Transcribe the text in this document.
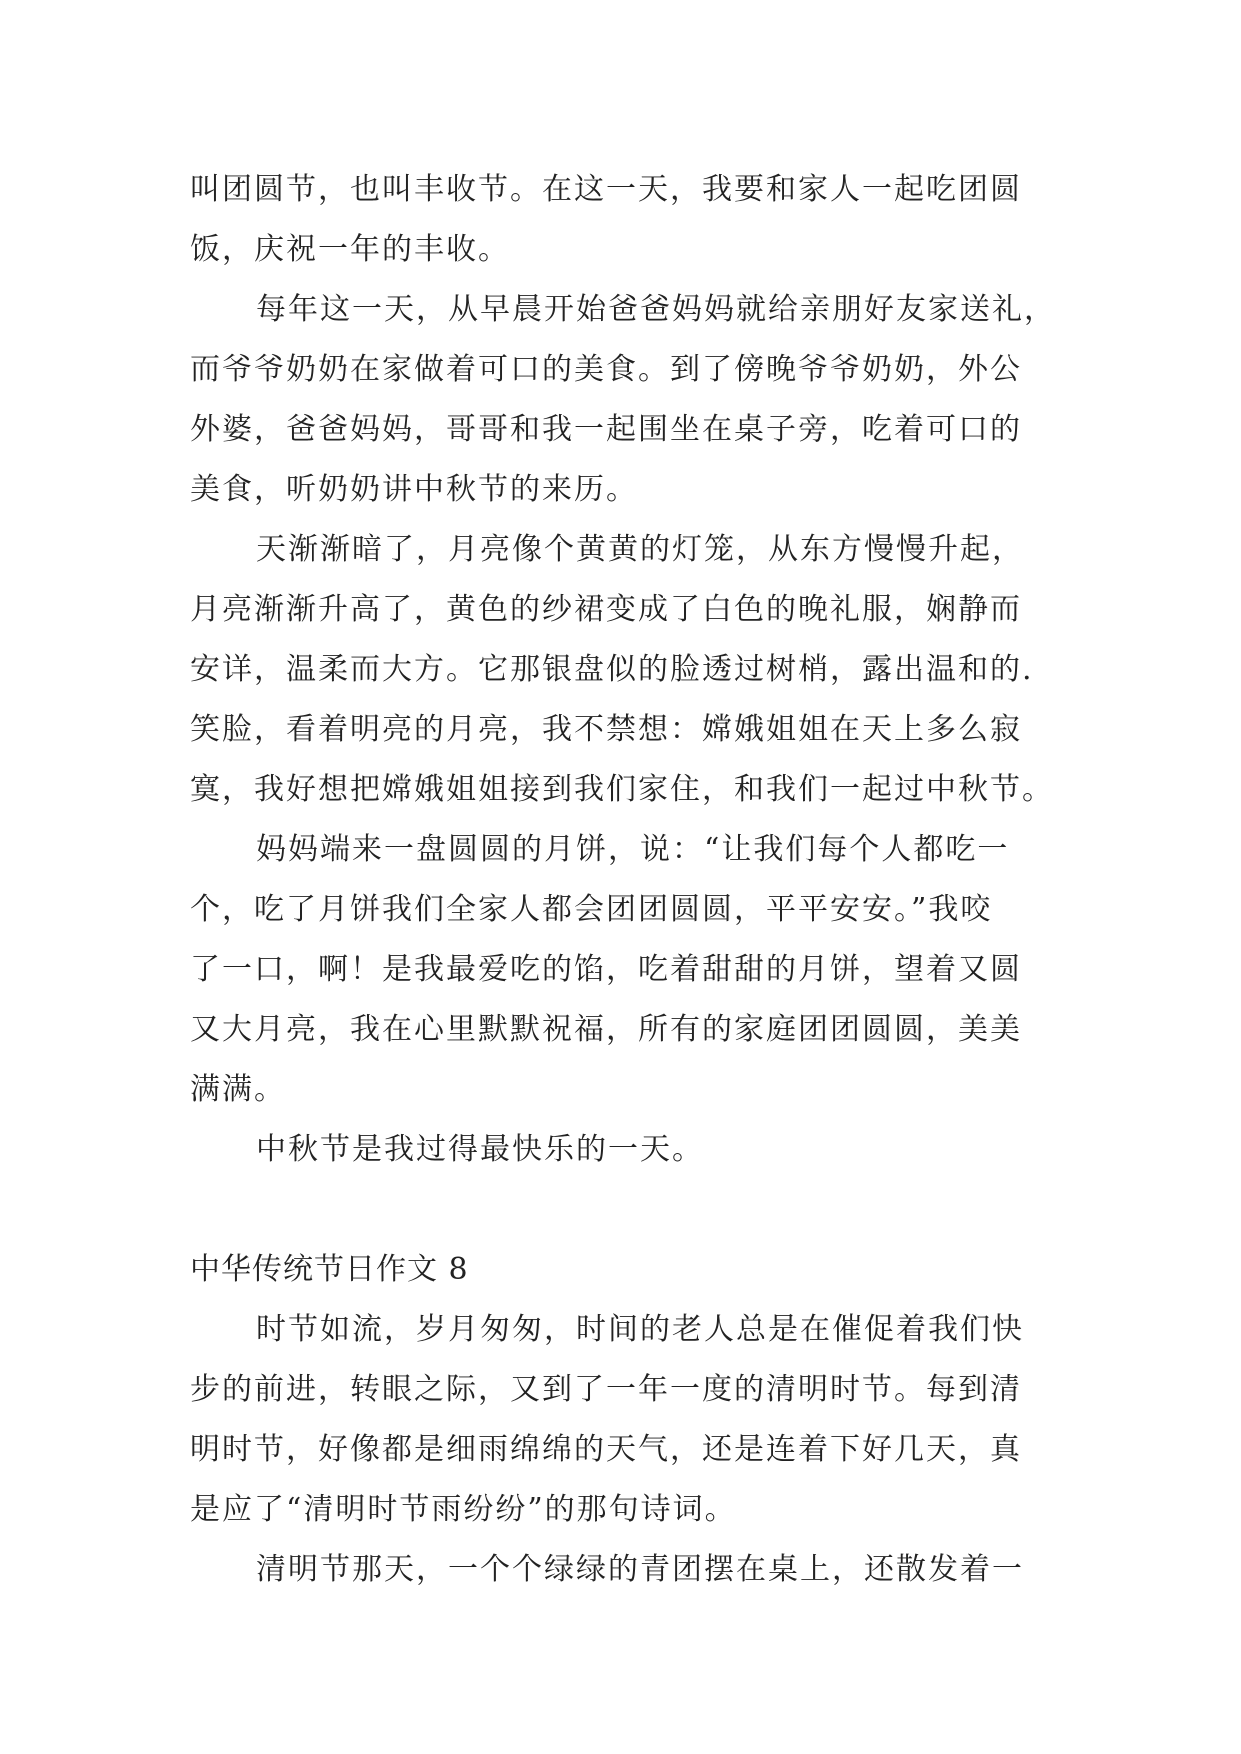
叫团圆节，也叫丰收节。在这一天，我要和家人一起吃团圆
饭，庆祝一年的丰收。
每年这一天，从早晨开始爸爸妈妈就给亲朋好友家送礼，
而爷爷奶奶在家做着可口的美食。到了傍晚爷爷奶奶，外公
外婆，爸爸妈妈，哥哥和我一起围坐在桌子旁，吃着可口的
美食，听奶奶讲中秋节的来历。
天渐渐暗了，月亮像个黄黄的灯笼，从东方慢慢升起，
月亮渐渐升高了，黄色的纱裙变成了白色的晚礼服，娴静而
安详，温柔而大方。它那银盘似的脸透过树梢，露出温和的.
笑脸，看着明亮的月亮，我不禁想：嫦娥姐姐在天上多么寂
寞，我好想把嫦娥姐姐接到我们家住，和我们一起过中秋节。
妈妈端来一盘圆圆的月饼，说：“让我们每个人都吃一
个，吃了月饼我们全家人都会团团圆圆，平平安安。”我咬
了一口，啊！是我最爱吃的馅，吃着甜甜的月饼，望着又圆
又大月亮，我在心里默默祝福，所有的家庭团团圆圆，美美
满满。
中秋节是我过得最快乐的一天。
中华传统节日作文 8
时节如流，岁月匆匆，时间的老人总是在催促着我们快
步的前进，转眼之际，又到了一年一度的清明时节。每到清
明时节，好像都是细雨绵绵的天气，还是连着下好几天，真
是应了“清明时节雨纷纷”的那句诗词。
清明节那天，一个个绿绿的青团摆在桌上，还散发着一
